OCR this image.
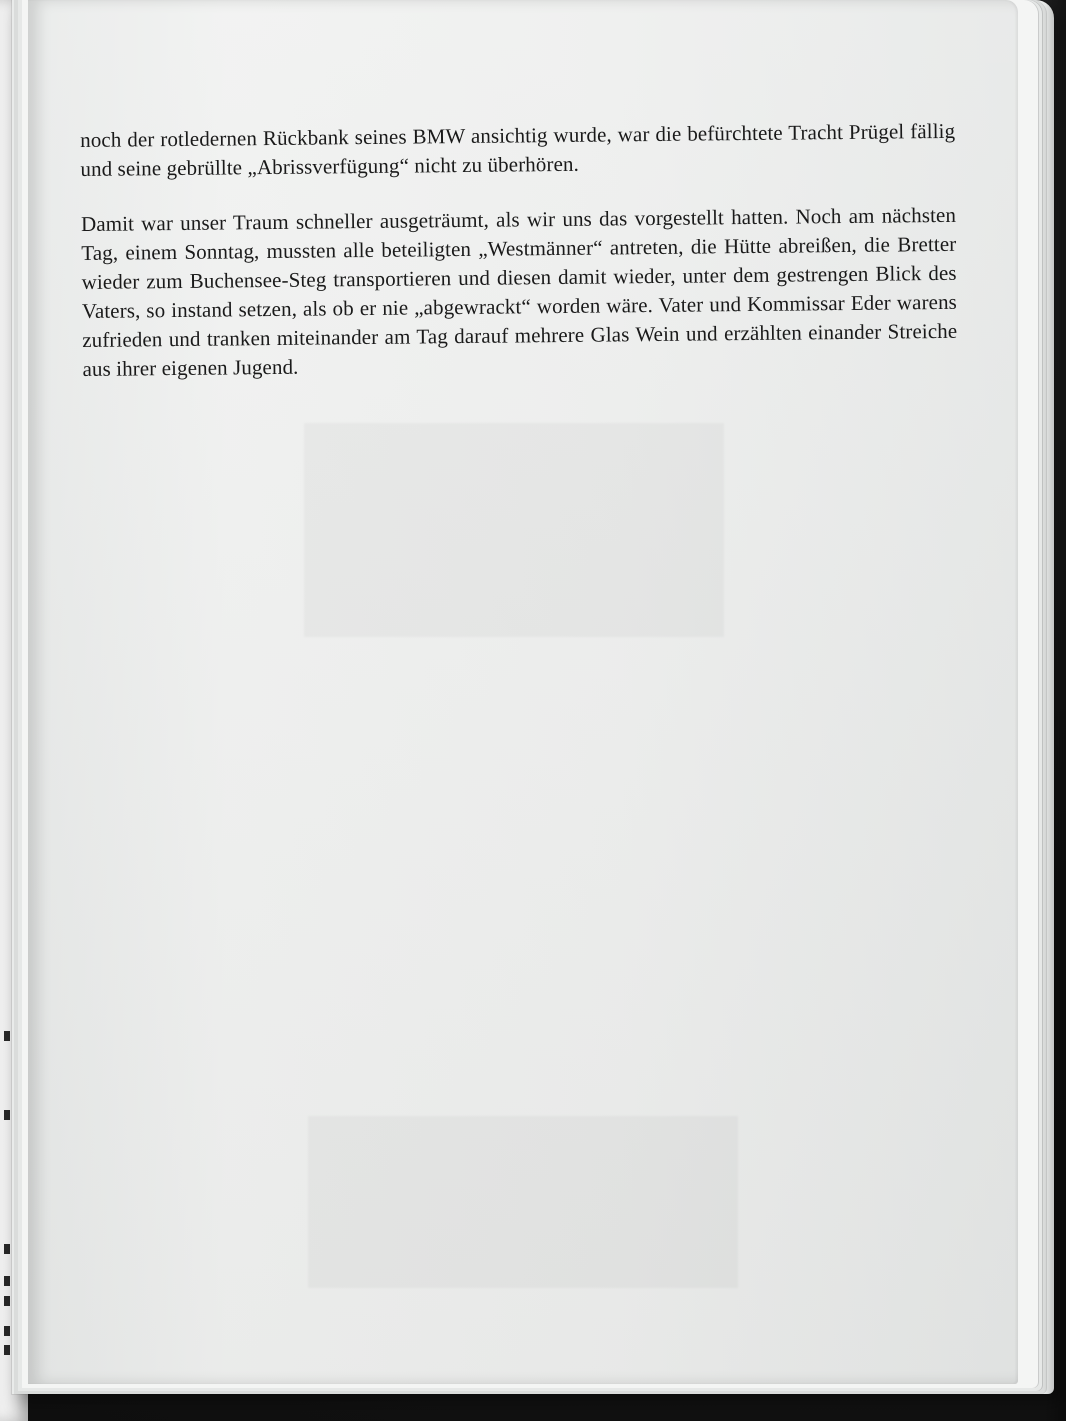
noch der rotledernen Rückbank seines BMW ansichtig wurde, war die befürchtete Tracht Prügel fällig und seine gebrüllte „Abrissverfügung“ nicht zu überhören.

Damit war unser Traum schneller ausgeträumt, als wir uns das vorgestellt hatten. Noch am nächsten Tag, einem Sonntag, mussten alle beteiligten „Westmänner“ antreten, die Hütte abreißen, die Bretter wieder zum Buchensee-Steg transportieren und diesen damit wieder, unter dem gestrengen Blick des Vaters, so instand setzen, als ob er nie „abgewrackt“ worden wäre. Vater und Kommissar Eder warens zufrieden und tranken miteinander am Tag darauf mehrere Glas Wein und erzählten einander Streiche aus ihrer eigenen Jugend.
